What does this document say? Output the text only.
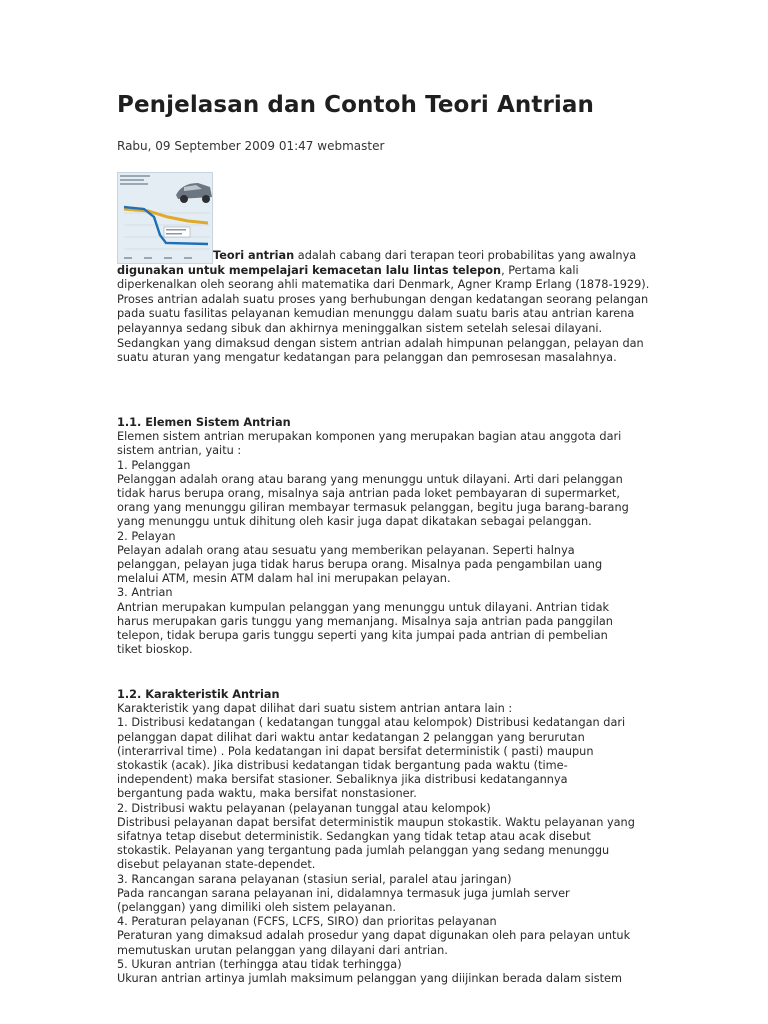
Penjelasan dan Contoh Teori Antrian
Rabu, 09 September 2009 01:47 webmaster

Teori antrian adalah cabang dari terapan teori probabilitas yang awalnya digunakan untuk mempelajari kemacetan lalu lintas telepon, Pertama kali diperkenalkan oleh seorang ahli matematika dari Denmark, Agner Kramp Erlang (1878-1929). Proses antrian adalah suatu proses yang berhubungan dengan kedatangan seorang pelangan pada suatu fasilitas pelayanan kemudian menunggu dalam suatu baris atau antrian karena pelayannya sedang sibuk dan akhirnya meninggalkan sistem setelah selesai dilayani. Sedangkan yang dimaksud dengan sistem antrian adalah himpunan pelanggan, pelayan dan suatu aturan yang mengatur kedatangan para pelanggan dan pemrosesan masalahnya.

1.1. Elemen Sistem Antrian

Elemen sistem antrian merupakan komponen yang merupakan bagian atau anggota dari

sistem antrian, yaitu :

1. Pelanggan

Pelanggan adalah orang atau barang yang menunggu untuk dilayani. Arti dari pelanggan

tidak harus berupa orang, misalnya saja antrian pada loket pembayaran di supermarket,

orang yang menunggu giliran membayar termasuk pelanggan, begitu juga barang-barang

yang menunggu untuk dihitung oleh kasir juga dapat dikatakan sebagai pelanggan.

2. Pelayan

Pelayan adalah orang atau sesuatu yang memberikan pelayanan. Seperti halnya

pelanggan, pelayan juga tidak harus berupa orang. Misalnya pada pengambilan uang

melalui ATM, mesin ATM dalam hal ini merupakan pelayan.

3. Antrian

Antrian merupakan kumpulan pelanggan yang menunggu untuk dilayani. Antrian tidak

harus merupakan garis tunggu yang memanjang. Misalnya saja antrian pada panggilan

telepon, tidak berupa garis tunggu seperti yang kita jumpai pada antrian di pembelian

tiket bioskop.

1.2. Karakteristik Antrian

Karakteristik yang dapat dilihat dari suatu sistem antrian antara lain :

1. Distribusi kedatangan ( kedatangan tunggal atau kelompok) Distribusi kedatangan dari

pelanggan dapat dilihat dari waktu antar kedatangan 2 pelanggan yang berurutan

(interarrival time) . Pola kedatangan ini dapat bersifat deterministik ( pasti) maupun

stokastik (acak). Jika distribusi kedatangan tidak bergantung pada waktu (time-

independent) maka bersifat stasioner. Sebaliknya jika distribusi kedatangannya

bergantung pada waktu, maka bersifat nonstasioner.

2. Distribusi waktu pelayanan (pelayanan tunggal atau kelompok)

Distribusi pelayanan dapat bersifat deterministik maupun stokastik. Waktu pelayanan yang

sifatnya tetap disebut deterministik. Sedangkan yang tidak tetap atau acak disebut

stokastik. Pelayanan yang tergantung pada jumlah pelanggan yang sedang menunggu

disebut pelayanan state-dependet.

3. Rancangan sarana pelayanan (stasiun serial, paralel atau jaringan)

Pada rancangan sarana pelayanan ini, didalamnya termasuk juga jumlah server

(pelanggan) yang dimiliki oleh sistem pelayanan.

4. Peraturan pelayanan (FCFS, LCFS, SIRO) dan prioritas pelayanan

Peraturan yang dimaksud adalah prosedur yang dapat digunakan oleh para pelayan untuk

memutuskan urutan pelanggan yang dilayani dari antrian.

5. Ukuran antrian (terhingga atau tidak terhingga)

Ukuran antrian artinya jumlah maksimum pelanggan yang diijinkan berada dalam sistem
